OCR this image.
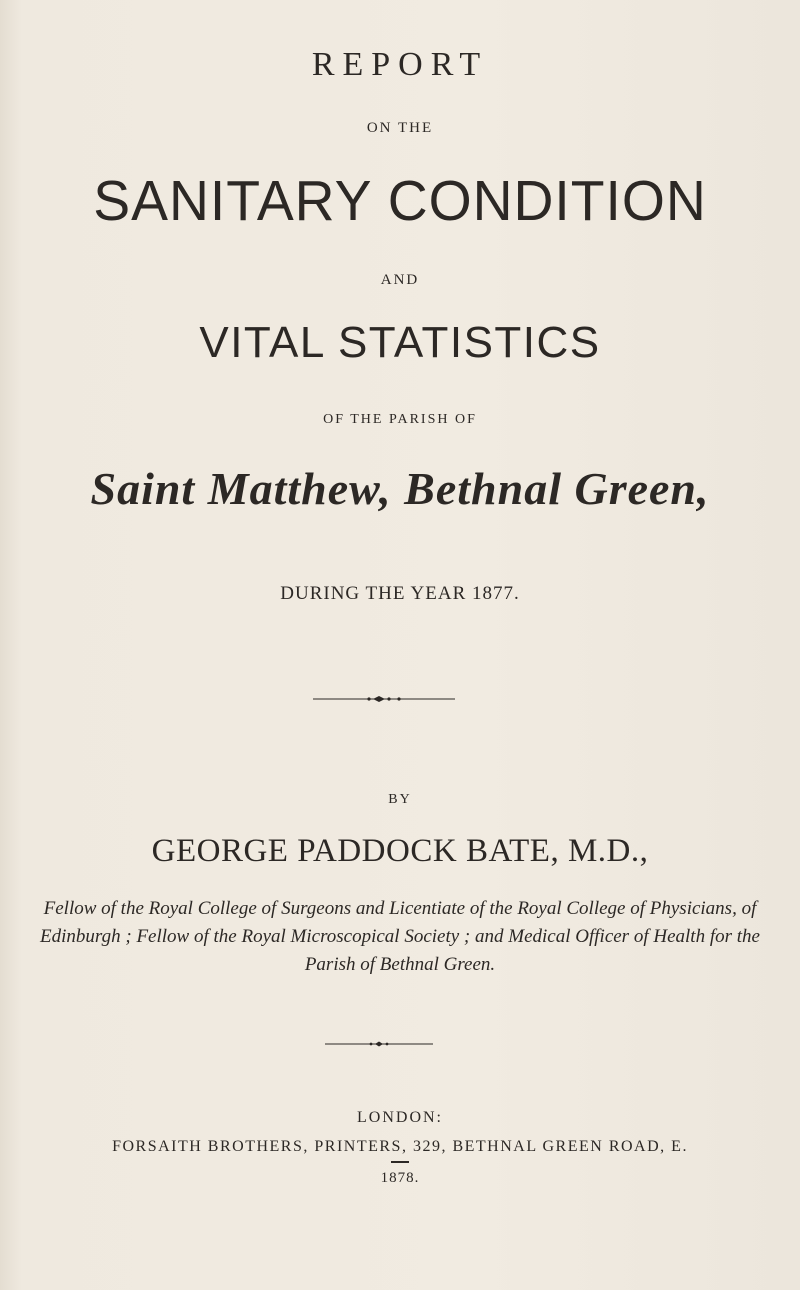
REPORT
ON THE
SANITARY CONDITION
AND
VITAL STATISTICS
OF THE PARISH OF
Saint Matthew, Bethnal Green,
DURING THE YEAR 1877.
BY
GEORGE PADDOCK BATE, M.D.,
Fellow of the Royal College of Surgeons and Licentiate of the Royal College of Physicians, of Edinburgh ; Fellow of the Royal Microscopical Society ; and Medical Officer of Health for the Parish of Bethnal Green.
LONDON:
FORSAITH BROTHERS, PRINTERS, 329, BETHNAL GREEN ROAD, E.
1878.
